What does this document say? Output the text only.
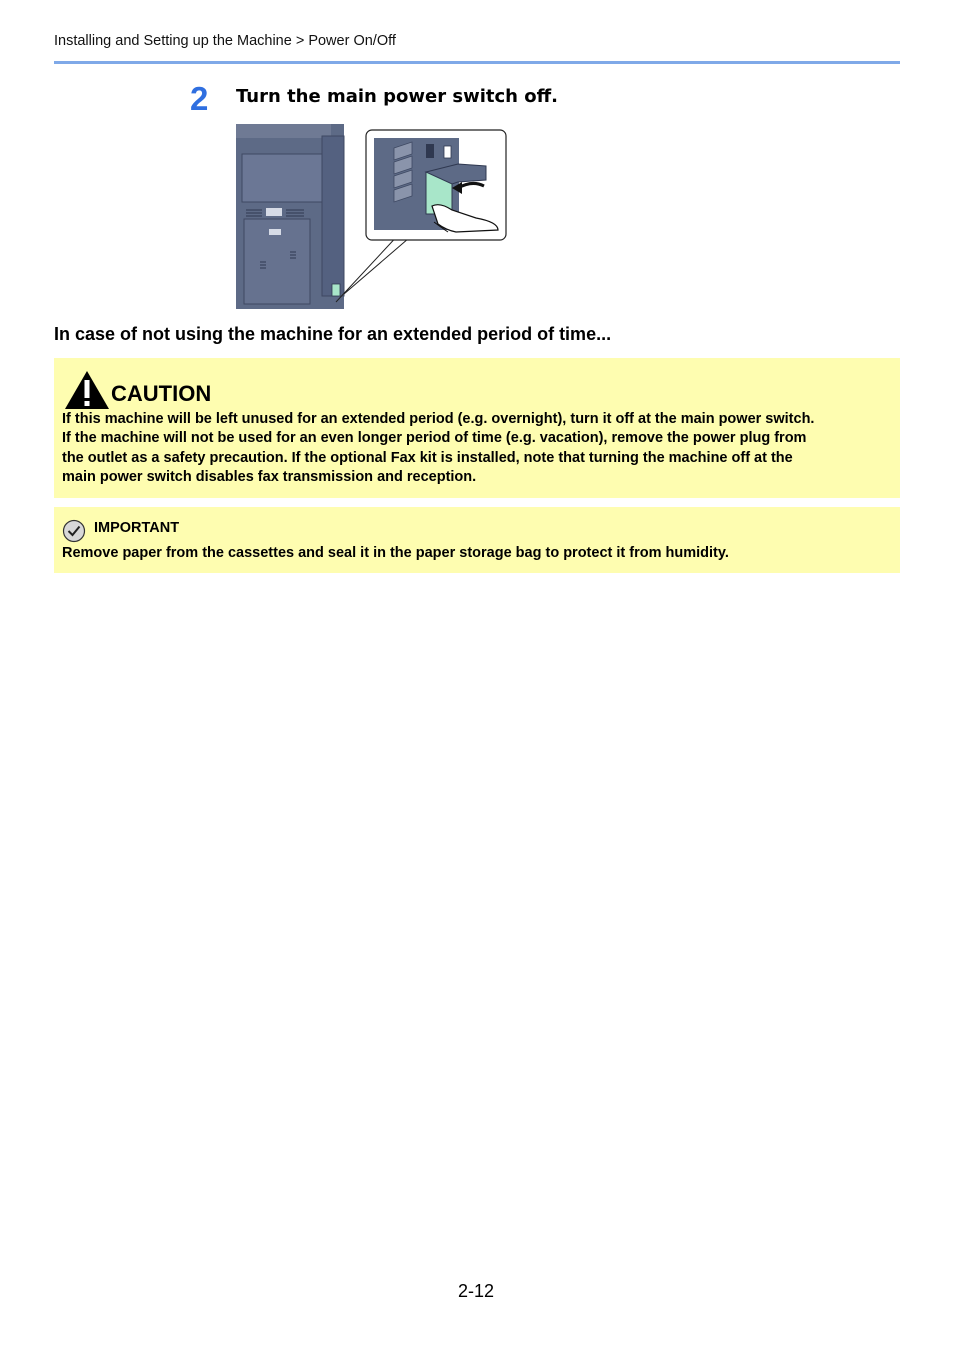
Installing and Setting up the Machine > Power On/Off
2 Turn the main power switch off.
In case of not using the machine for an extended period of time...
CAUTION
If this machine will be left unused for an extended period (e.g. overnight), turn it off at the main power switch.
If the machine will not be used for an even longer period of time (e.g. vacation), remove the power plug from
the outlet as a safety precaution. If the optional Fax kit is installed, note that turning the machine off at the
main power switch disables fax transmission and reception.
IMPORTANT
Remove paper from the cassettes and seal it in the paper storage bag to protect it from humidity.
2-12
